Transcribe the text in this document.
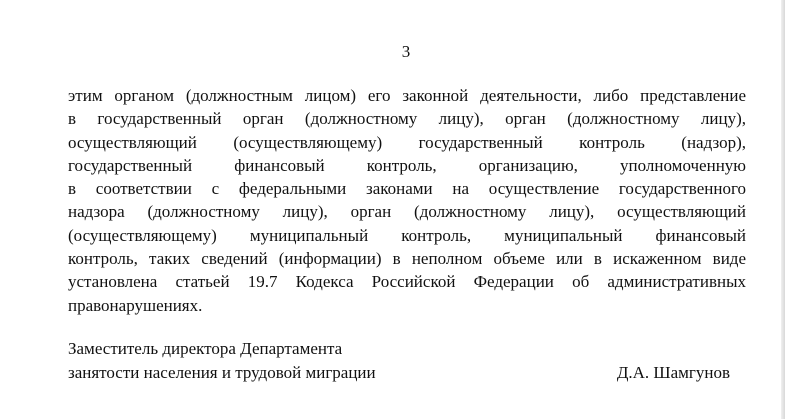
3
этим органом (должностным лицом) его законной деятельности, либо представление
в государственный орган (должностному лицу), орган (должностному лицу),
осуществляющий (осуществляющему) государственный контроль (надзор),
государственный финансовый контроль, организацию, уполномоченную
в соответствии с федеральными законами на осуществление государственного
надзора (должностному лицу), орган (должностному лицу), осуществляющий
(осуществляющему) муниципальный контроль, муниципальный финансовый
контроль, таких сведений (информации) в неполном объеме или в искаженном виде
установлена статьей 19.7 Кодекса Российской Федерации об административных
правонарушениях.
Заместитель директора Департамента
занятости населения и трудовой миграции	Д.А. Шамгунов
